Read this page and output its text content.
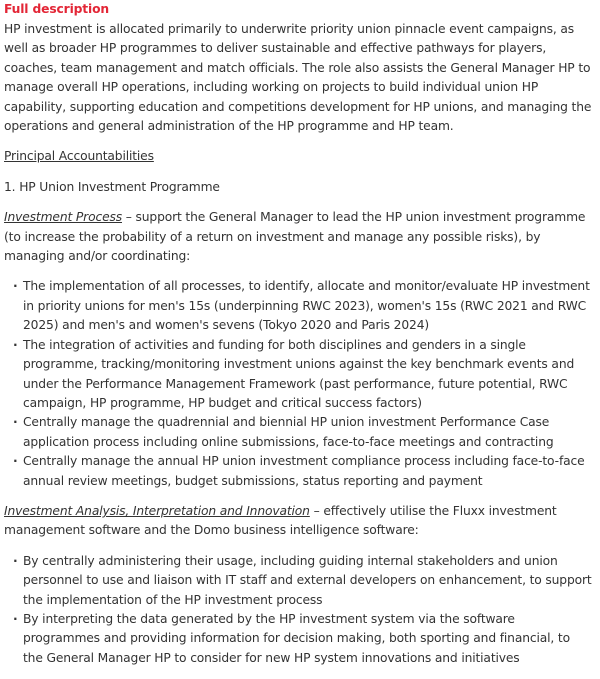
Full description

HP investment is allocated primarily to underwrite priority union pinnacle event campaigns, as well as broader HP programmes to deliver sustainable and effective pathways for players, coaches, team management and match officials. The role also assists the General Manager HP to manage overall HP operations, including working on projects to build individual union HP capability, supporting education and competitions development for HP unions, and managing the operations and general administration of the HP programme and HP team.

Principal Accountabilities

1. HP Union Investment Programme

Investment Process – support the General Manager to lead the HP union investment programme (to increase the probability of a return on investment and manage any possible risks), by managing and/or coordinating:

· The implementation of all processes, to identify, allocate and monitor/evaluate HP investment in priority unions for men's 15s (underpinning RWC 2023), women's 15s (RWC 2021 and RWC 2025) and men's and women's sevens (Tokyo 2020 and Paris 2024)
· The integration of activities and funding for both disciplines and genders in a single programme, tracking/monitoring investment unions against the key benchmark events and under the Performance Management Framework (past performance, future potential, RWC campaign, HP programme, HP budget and critical success factors)
· Centrally manage the quadrennial and biennial HP union investment Performance Case application process including online submissions, face-to-face meetings and contracting
· Centrally manage the annual HP union investment compliance process including face-to-face annual review meetings, budget submissions, status reporting and payment

Investment Analysis, Interpretation and Innovation – effectively utilise the Fluxx investment management software and the Domo business intelligence software:

· By centrally administering their usage, including guiding internal stakeholders and union personnel to use and liaison with IT staff and external developers on enhancement, to support the implementation of the HP investment process
· By interpreting the data generated by the HP investment system via the software programmes and providing information for decision making, both sporting and financial, to the General Manager HP to consider for new HP system innovations and initiatives
